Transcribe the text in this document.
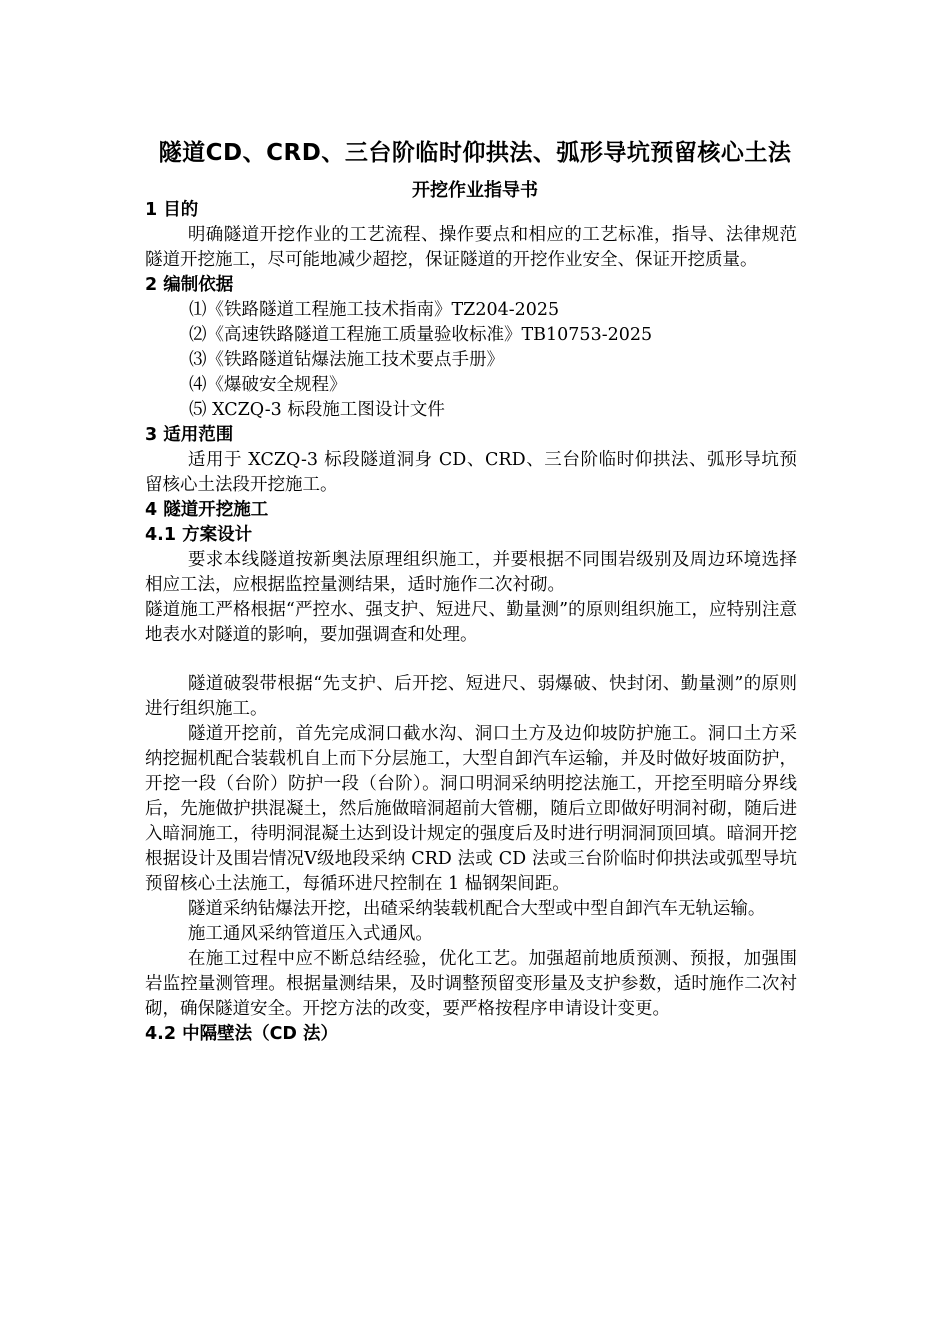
隧道CD、CRD、三台阶临时仰拱法、弧形导坑预留核心土法
开挖作业指导书

1 目的

明确隧道开挖作业的工艺流程、操作要点和相应的工艺标准，指导、法律规范隧道开挖施工，尽可能地减少超挖，保证隧道的开挖作业安全、保证开挖质量。

2 编制依据

⑴《铁路隧道工程施工技术指南》TZ204-2025

⑵《高速铁路隧道工程施工质量验收标准》TB10753-2025

⑶《铁路隧道钻爆法施工技术要点手册》

⑷《爆破安全规程》

⑸ XCZQ-3 标段施工图设计文件

3 适用范围

适用于 XCZQ-3 标段隧道洞身 CD、CRD、三台阶临时仰拱法、弧形导坑预留核心土法段开挖施工。

4 隧道开挖施工

4.1 方案设计

要求本线隧道按新奥法原理组织施工，并要根据不同围岩级别及周边环境选择相应工法，应根据监控量测结果，适时施作二次衬砌。

隧道施工严格根据“严控水、强支护、短进尺、勤量测”的原则组织施工，应特别注意地表水对隧道的影响，要加强调查和处理。

隧道破裂带根据“先支护、后开挖、短进尺、弱爆破、快封闭、勤量测”的原则进行组织施工。

隧道开挖前，首先完成洞口截水沟、洞口土方及边仰坡防护施工。洞口土方采纳挖掘机配合装载机自上而下分层施工，大型自卸汽车运输，并及时做好坡面防护，开挖一段（台阶）防护一段（台阶）。洞口明洞采纳明挖法施工，开挖至明暗分界线后，先施做护拱混凝土，然后施做暗洞超前大管棚，随后立即做好明洞衬砌，随后进入暗洞施工，待明洞混凝土达到设计规定的强度后及时进行明洞洞顶回填。暗洞开挖根据设计及围岩情况Ⅴ级地段采纳 CRD 法或 CD 法或三台阶临时仰拱法或弧型导坑预留核心土法施工，每循环进尺控制在 1 榀钢架间距。

隧道采纳钻爆法开挖，出碴采纳装载机配合大型或中型自卸汽车无轨运输。

施工通风采纳管道压入式通风。

在施工过程中应不断总结经验，优化工艺。加强超前地质预测、预报，加强围岩监控量测管理。根据量测结果，及时调整预留变形量及支护参数，适时施作二次衬砌，确保隧道安全。开挖方法的改变，要严格按程序申请设计变更。

4.2 中隔壁法（CD 法）
